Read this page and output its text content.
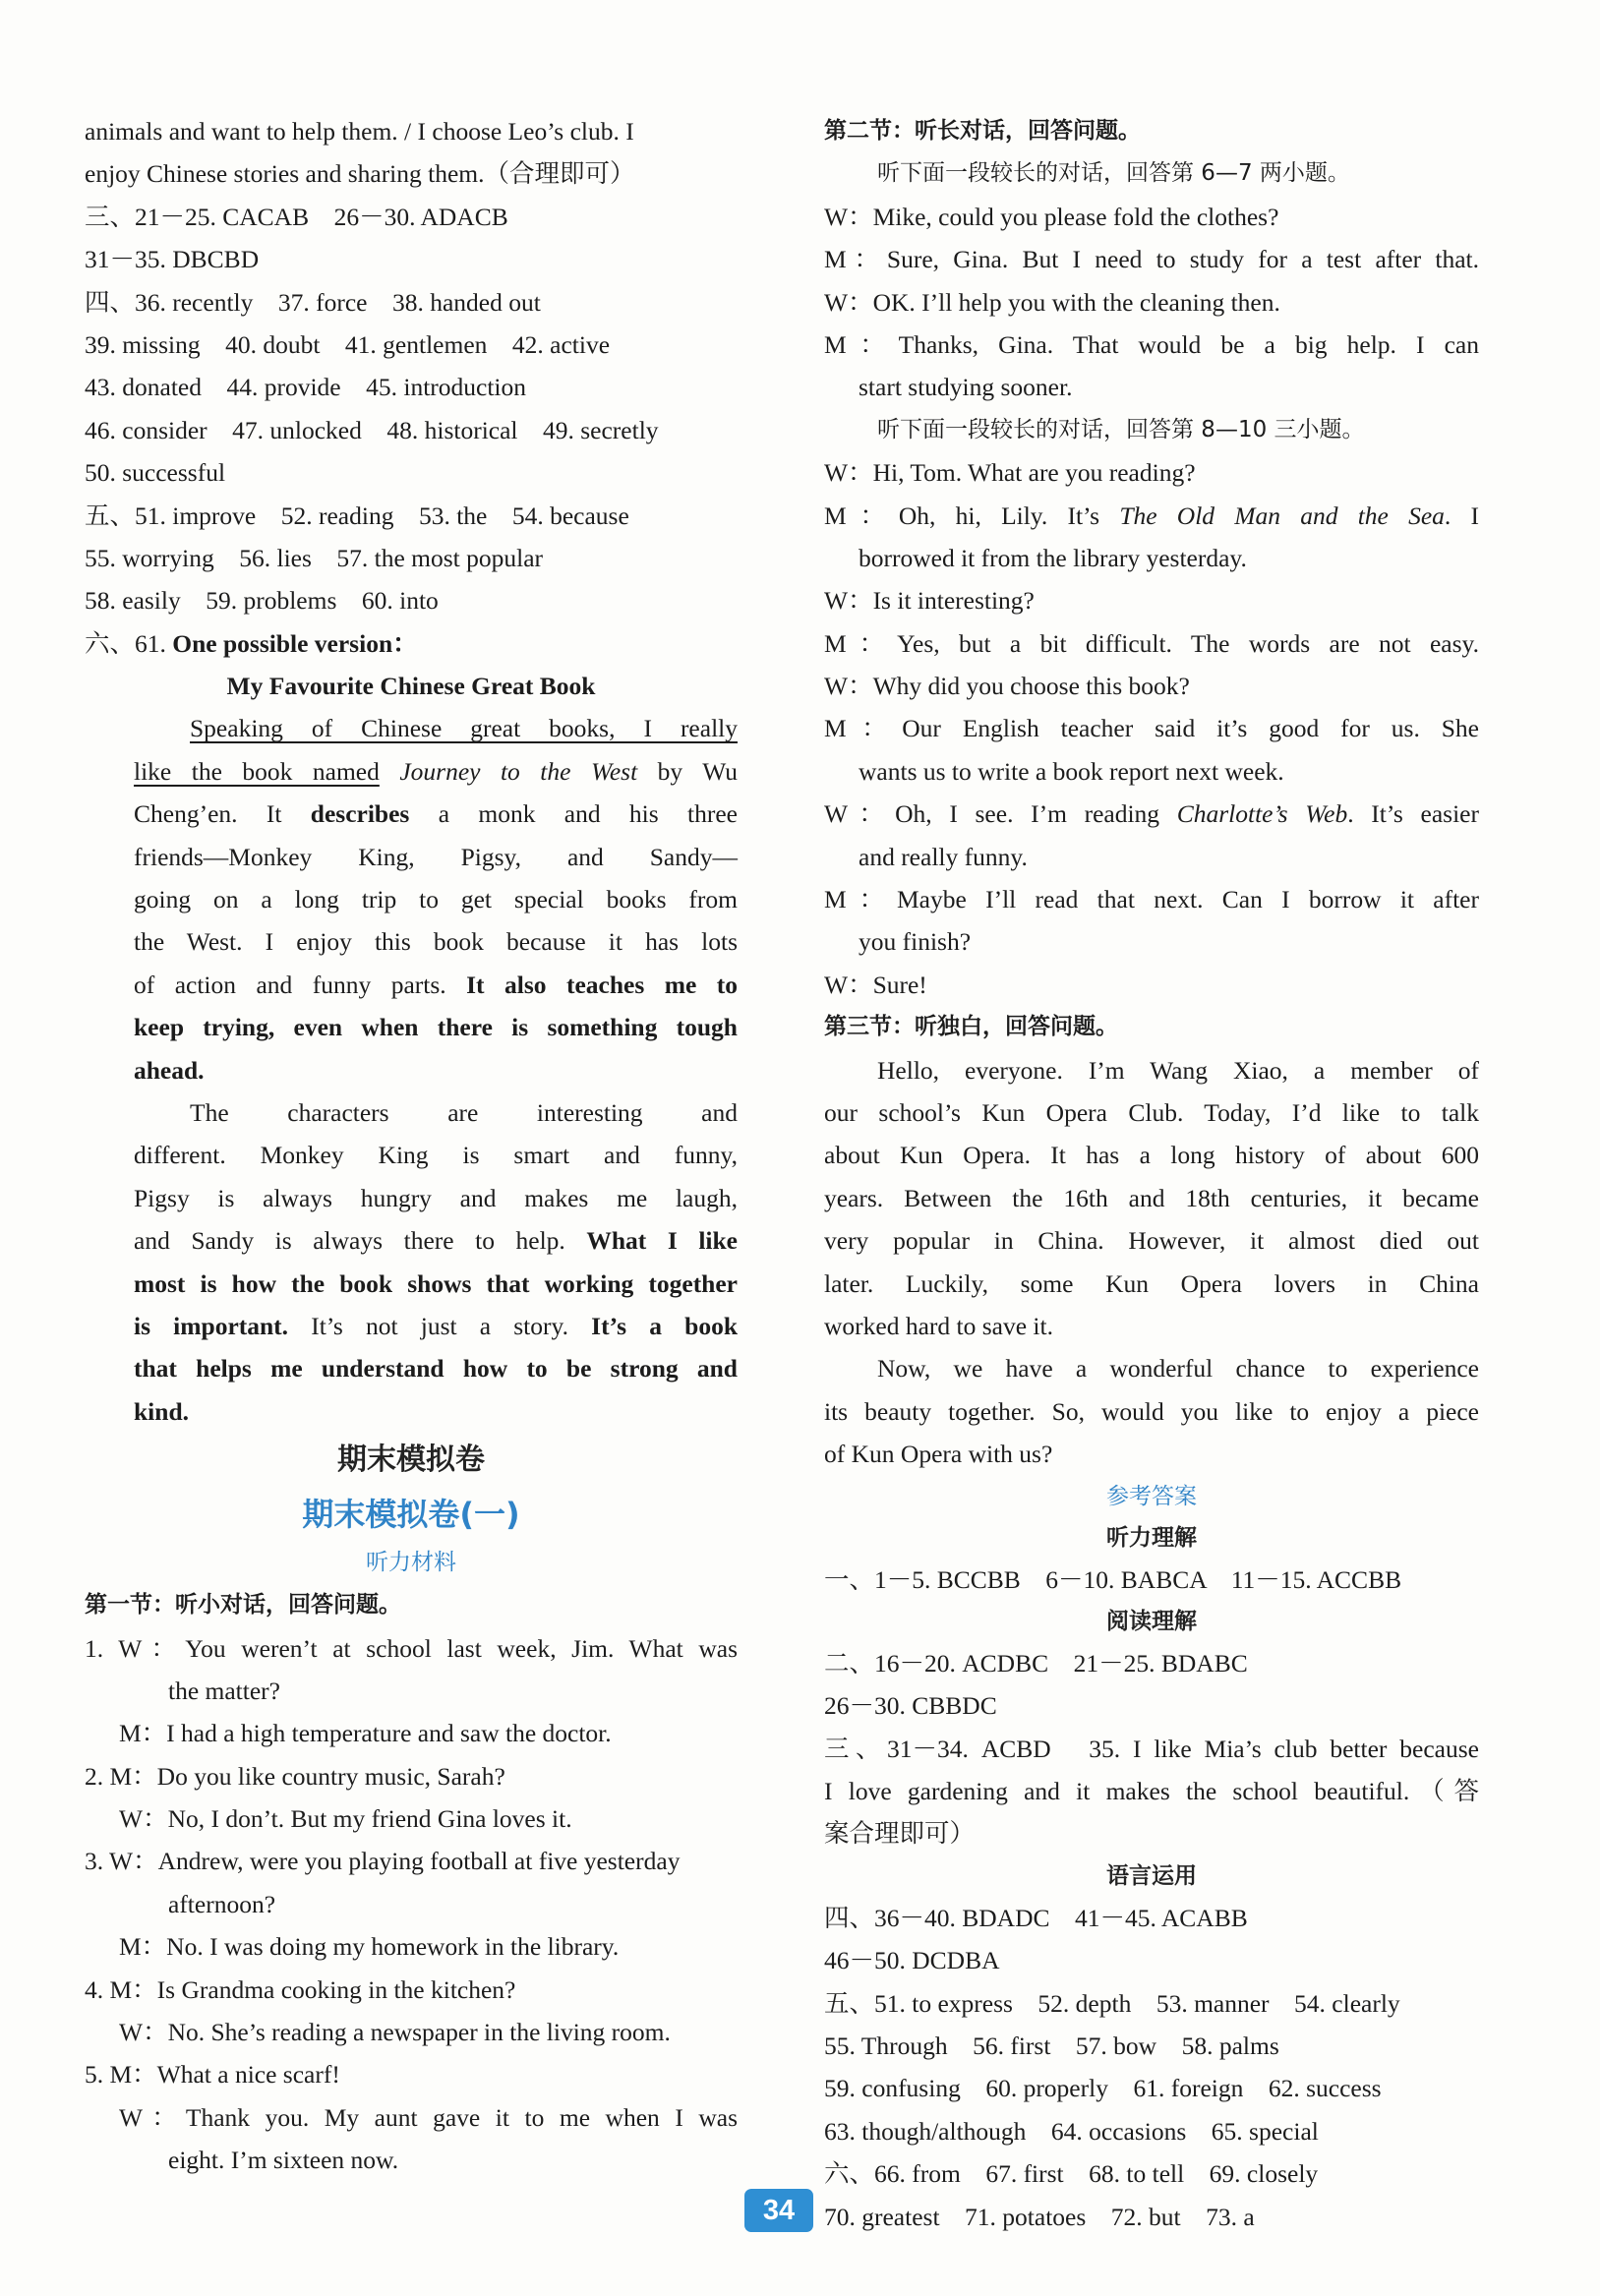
animals and want to help them. / I choose Leo’s club. I
enjoy Chinese stories and sharing them.（合理即可）
三、21－25. CACAB　26－30. ADACB
31－35. DBCBD
四、36. recently　37. force　38. handed out
39. missing　40. doubt　41. gentlemen　42. active
43. donated　44. provide　45. introduction
46. consider　47. unlocked　48. historical　49. secretly
50. successful
五、51. improve　52. reading　53. the　54. because
55. worrying　56. lies　57. the most popular
58. easily　59. problems　60. into
六、61. One possible version：
My Favourite Chinese Great Book
Speaking of Chinese great books, I really
like the book named Journey to the West by Wu
Cheng’en. It describes a monk and his three
friends—Monkey King, Pigsy, and Sandy—
going on a long trip to get special books from
the West. I enjoy this book because it has lots
of action and funny parts. It also teaches me to
keep trying, even when there is something tough
ahead.
The characters are interesting and
different. Monkey King is smart and funny,
Pigsy is always hungry and makes me laugh,
and Sandy is always there to help. What I like
most is how the book shows that working together
is important. It’s not just a story. It’s a book
that helps me understand how to be strong and
kind.
期末模拟卷
期末模拟卷(一)
听力材料
第一节：听小对话，回答问题。
1. W：You weren’t at school last week, Jim. What was
the matter?
M：I had a high temperature and saw the doctor.
2. M：Do you like country music, Sarah?
W：No, I don’t. But my friend Gina loves it.
3. W：Andrew, were you playing football at five yesterday
afternoon?
M：No. I was doing my homework in the library.
4. M：Is Grandma cooking in the kitchen?
W：No. She’s reading a newspaper in the living room.
5. M：What a nice scarf!
W：Thank you. My aunt gave it to me when I was
eight. I’m sixteen now.
第二节：听长对话，回答问题。
听下面一段较长的对话，回答第 6—7 两小题。
W：Mike, could you please fold the clothes?
M：Sure, Gina. But I need to study for a test after that.
W：OK. I’ll help you with the cleaning then.
M：Thanks, Gina. That would be a big help. I can
start studying sooner.
听下面一段较长的对话，回答第 8—10 三小题。
W：Hi, Tom. What are you reading?
M：Oh, hi, Lily. It’s The Old Man and the Sea. I
borrowed it from the library yesterday.
W：Is it interesting?
M：Yes, but a bit difficult. The words are not easy.
W：Why did you choose this book?
M：Our English teacher said it’s good for us. She
wants us to write a book report next week.
W：Oh, I see. I’m reading Charlotte’s Web. It’s easier
and really funny.
M：Maybe I’ll read that next. Can I borrow it after
you finish?
W：Sure!
第三节：听独白，回答问题。
Hello, everyone. I’m Wang Xiao, a member of
our school’s Kun Opera Club. Today, I’d like to talk
about Kun Opera. It has a long history of about 600
years. Between the 16th and 18th centuries, it became
very popular in China. However, it almost died out
later. Luckily, some Kun Opera lovers in China
worked hard to save it.
Now, we have a wonderful chance to experience
its beauty together. So, would you like to enjoy a piece
of Kun Opera with us?
参考答案
听力理解
一、1－5. BCCBB　6－10. BABCA　11－15. ACCBB
阅读理解
二、16－20. ACDBC　21－25. BDABC
26－30. CBBDC
三、31－34. ACBD　35. I like Mia’s club better because
I love gardening and it makes the school beautiful.（答
案合理即可）
语言运用
四、36－40. BDADC　41－45. ACABB
46－50. DCDBA
五、51. to express　52. depth　53. manner　54. clearly
55. Through　56. first　57. bow　58. palms
59. confusing　60. properly　61. foreign　62. success
63. though/although　64. occasions　65. special
六、66. from　67. first　68. to tell　69. closely
70. greatest　71. potatoes　72. but　73. a
34
